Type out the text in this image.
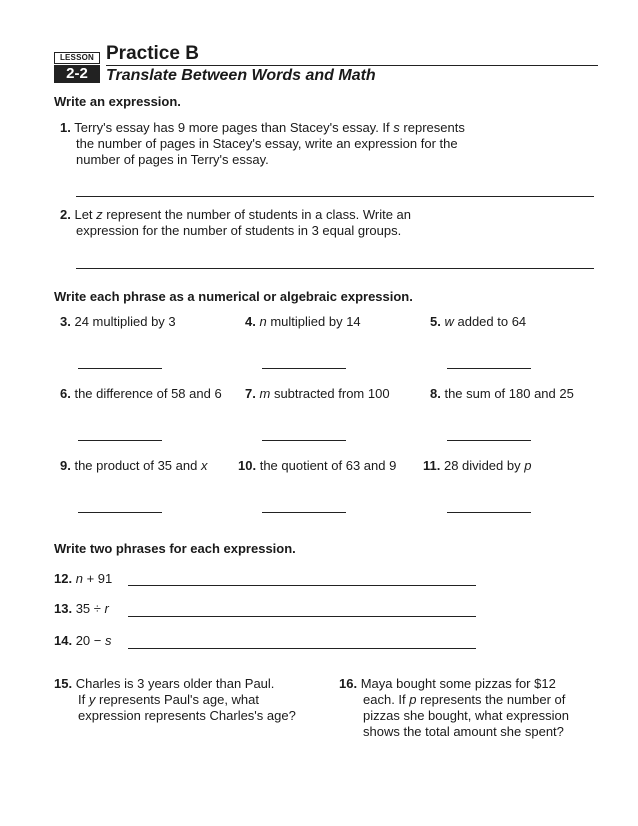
LESSON
2-2
Practice B
Translate Between Words and Math
Write an expression.
1. Terry's essay has 9 more pages than Stacey's essay. If s represents the number of pages in Stacey's essay, write an expression for the number of pages in Terry's essay.
2. Let z represent the number of students in a class. Write an expression for the number of students in 3 equal groups.
Write each phrase as a numerical or algebraic expression.
3. 24 multiplied by 3	4. n multiplied by 14	5. w added to 64
6. the difference of 58 and 6 7. m subtracted from 100	8. the sum of 180 and 25
9. the product of 35 and x 10. the quotient of 63 and 9 11. 28 divided by p
Write two phrases for each expression.
12. n + 91
13. 35 ÷ r
14. 20 − s
15. Charles is 3 years older than Paul.
If y represents Paul's age, what
expression represents Charles's age?
16. Maya bought some pizzas for $12
each. If p represents the number of
pizzas she bought, what expression
shows the total amount she spent?
